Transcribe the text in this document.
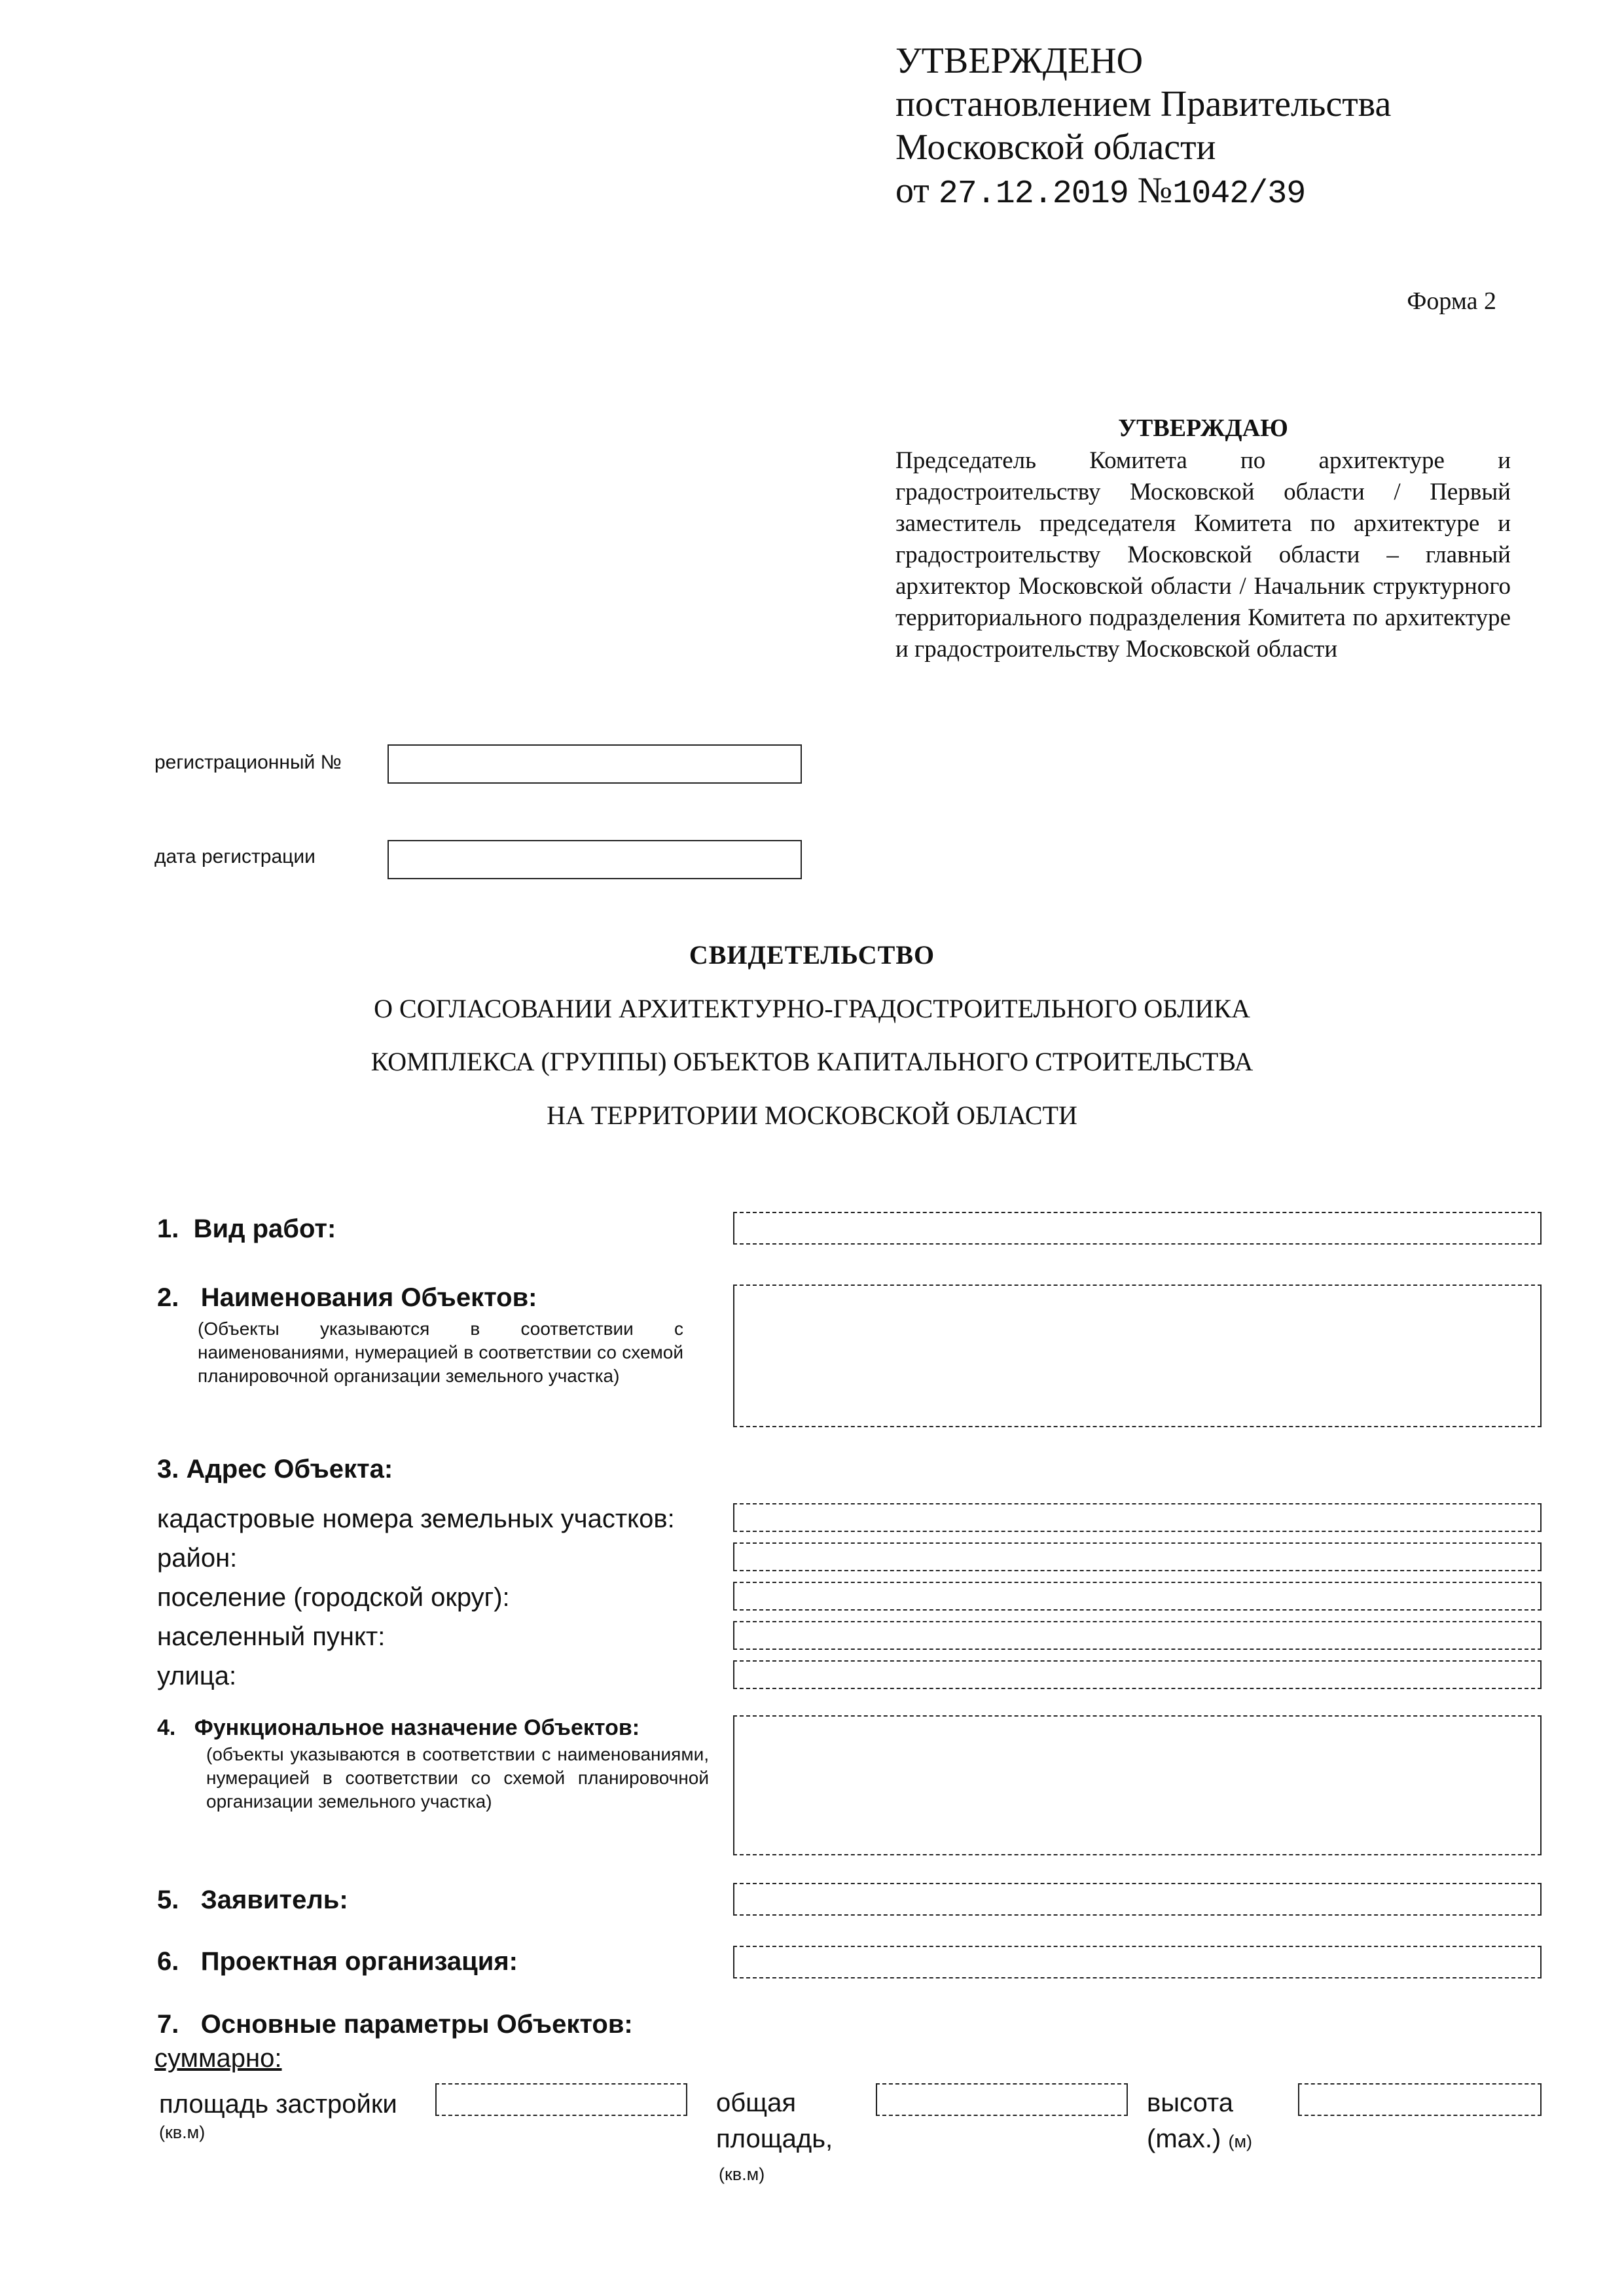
УТВЕРЖДЕНО
постановлением Правительства
Московской области
от 27.12.2019 №1042/39
Форма 2
УТВЕРЖДАЮ
Председатель Комитета по архитектуре и градостроительству Московской области / Первый заместитель председателя Комитета по архитектуре и градостроительству Московской области – главный архитектор Московской области / Начальник структурного территориального подразделения Комитета по архитектуре и градостроительству Московской области
регистрационный №
дата регистрации
СВИДЕТЕЛЬСТВО
О СОГЛАСОВАНИИ АРХИТЕКТУРНО-ГРАДОСТРОИТЕЛЬНОГО ОБЛИКА
КОМПЛЕКСА (ГРУППЫ) ОБЪЕКТОВ КАПИТАЛЬНОГО СТРОИТЕЛЬСТВА
НА ТЕРРИТОРИИ МОСКОВСКОЙ ОБЛАСТИ
1. Вид работ:
2. Наименования Объектов:
(Объекты указываются в соответствии с наименованиями, нумерацией в соответствии со схемой планировочной организации земельного участка)
3. Адрес Объекта:
кадастровые номера земельных участков:
район:
поселение (городской округ):
населенный пункт:
улица:
4. Функциональное назначение Объектов:
(объекты указываются в соответствии с наименованиями, нумерацией в соответствии со схемой планировочной организации земельного участка)
5. Заявитель:
6. Проектная организация:
7. Основные параметры Объектов:
суммарно:
площадь застройки
(кв.м)
общая
площадь,
(кв.м)
высота
(max.) (м)
